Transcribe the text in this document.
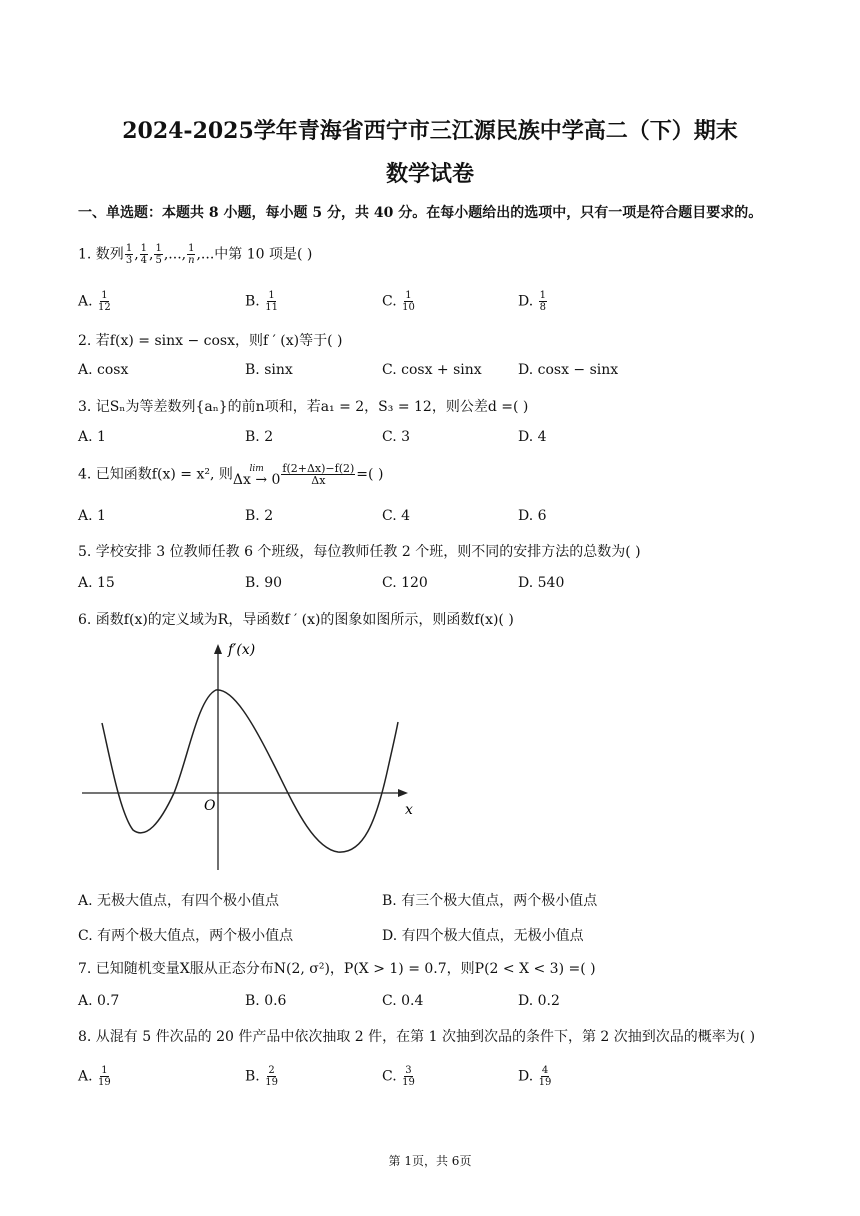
2024-2025学年青海省西宁市三江源民族中学高二（下）期末
数学试卷
一、单选题：本题共 8 小题，每小题 5 分，共 40 分。在每小题给出的选项中，只有一项是符合题目要求的。
1. 数列 $\frac{1}{3}$ , $\frac{1}{4}$ , $\frac{1}{5}$ ,..., $\frac{1}{n}$ ,...中第 10 项是( )
A. $\frac{1}{12}$	B. $\frac{1}{11}$	C. $\frac{1}{10}$	D. $\frac{1}{8}$
2. 若f(x) = sinx − cosx，则f ′ (x)等于( )
A. cosx	B. sinx	C. cosx + sinx	D. cosx − sinx
3. 记Sₙ为等差数列{aₙ}的前n项和，若a₁ = 2，S₃ = 12，则公差d =( )
A. 1	B. 2	C. 3	D. 4
4. 已知函数f(x) = x², 则 lim
$\Delta x \to 0 \frac{f(2+\Delta x)-f(2)}{\Delta x}$ =( )
A. 1	B. 2	C. 4	D. 6
5. 学校安排 3 位教师任教 6 个班级，每位教师任教 2 个班，则不同的安排方法的总数为( )
A. 15	B. 90	C. 120	D. 540
6. 函数f(x)的定义域为R，导函数f ′ (x)的图象如图所示，则函数f(x)( )
f′(x)
x
O
A. 无极大值点，有四个极小值点	B. 有三个极大值点，两个极小值点
C. 有两个极大值点，两个极小值点	D. 有四个极大值点，无极小值点
7. 已知随机变量X服从正态分布N(2, σ²)，P(X > 1) = 0.7，则P(2 < X < 3) =( )
A. 0.7	B. 0.6	C. 0.4	D. 0.2
8. 从混有 5 件次品的 20 件产品中依次抽取 2 件，在第 1 次抽到次品的条件下，第 2 次抽到次品的概率为( )
A. $\frac{1}{19}$	B. $\frac{2}{19}$	C. $\frac{3}{19}$	D. $\frac{4}{19}$
第 1页，共 6页
